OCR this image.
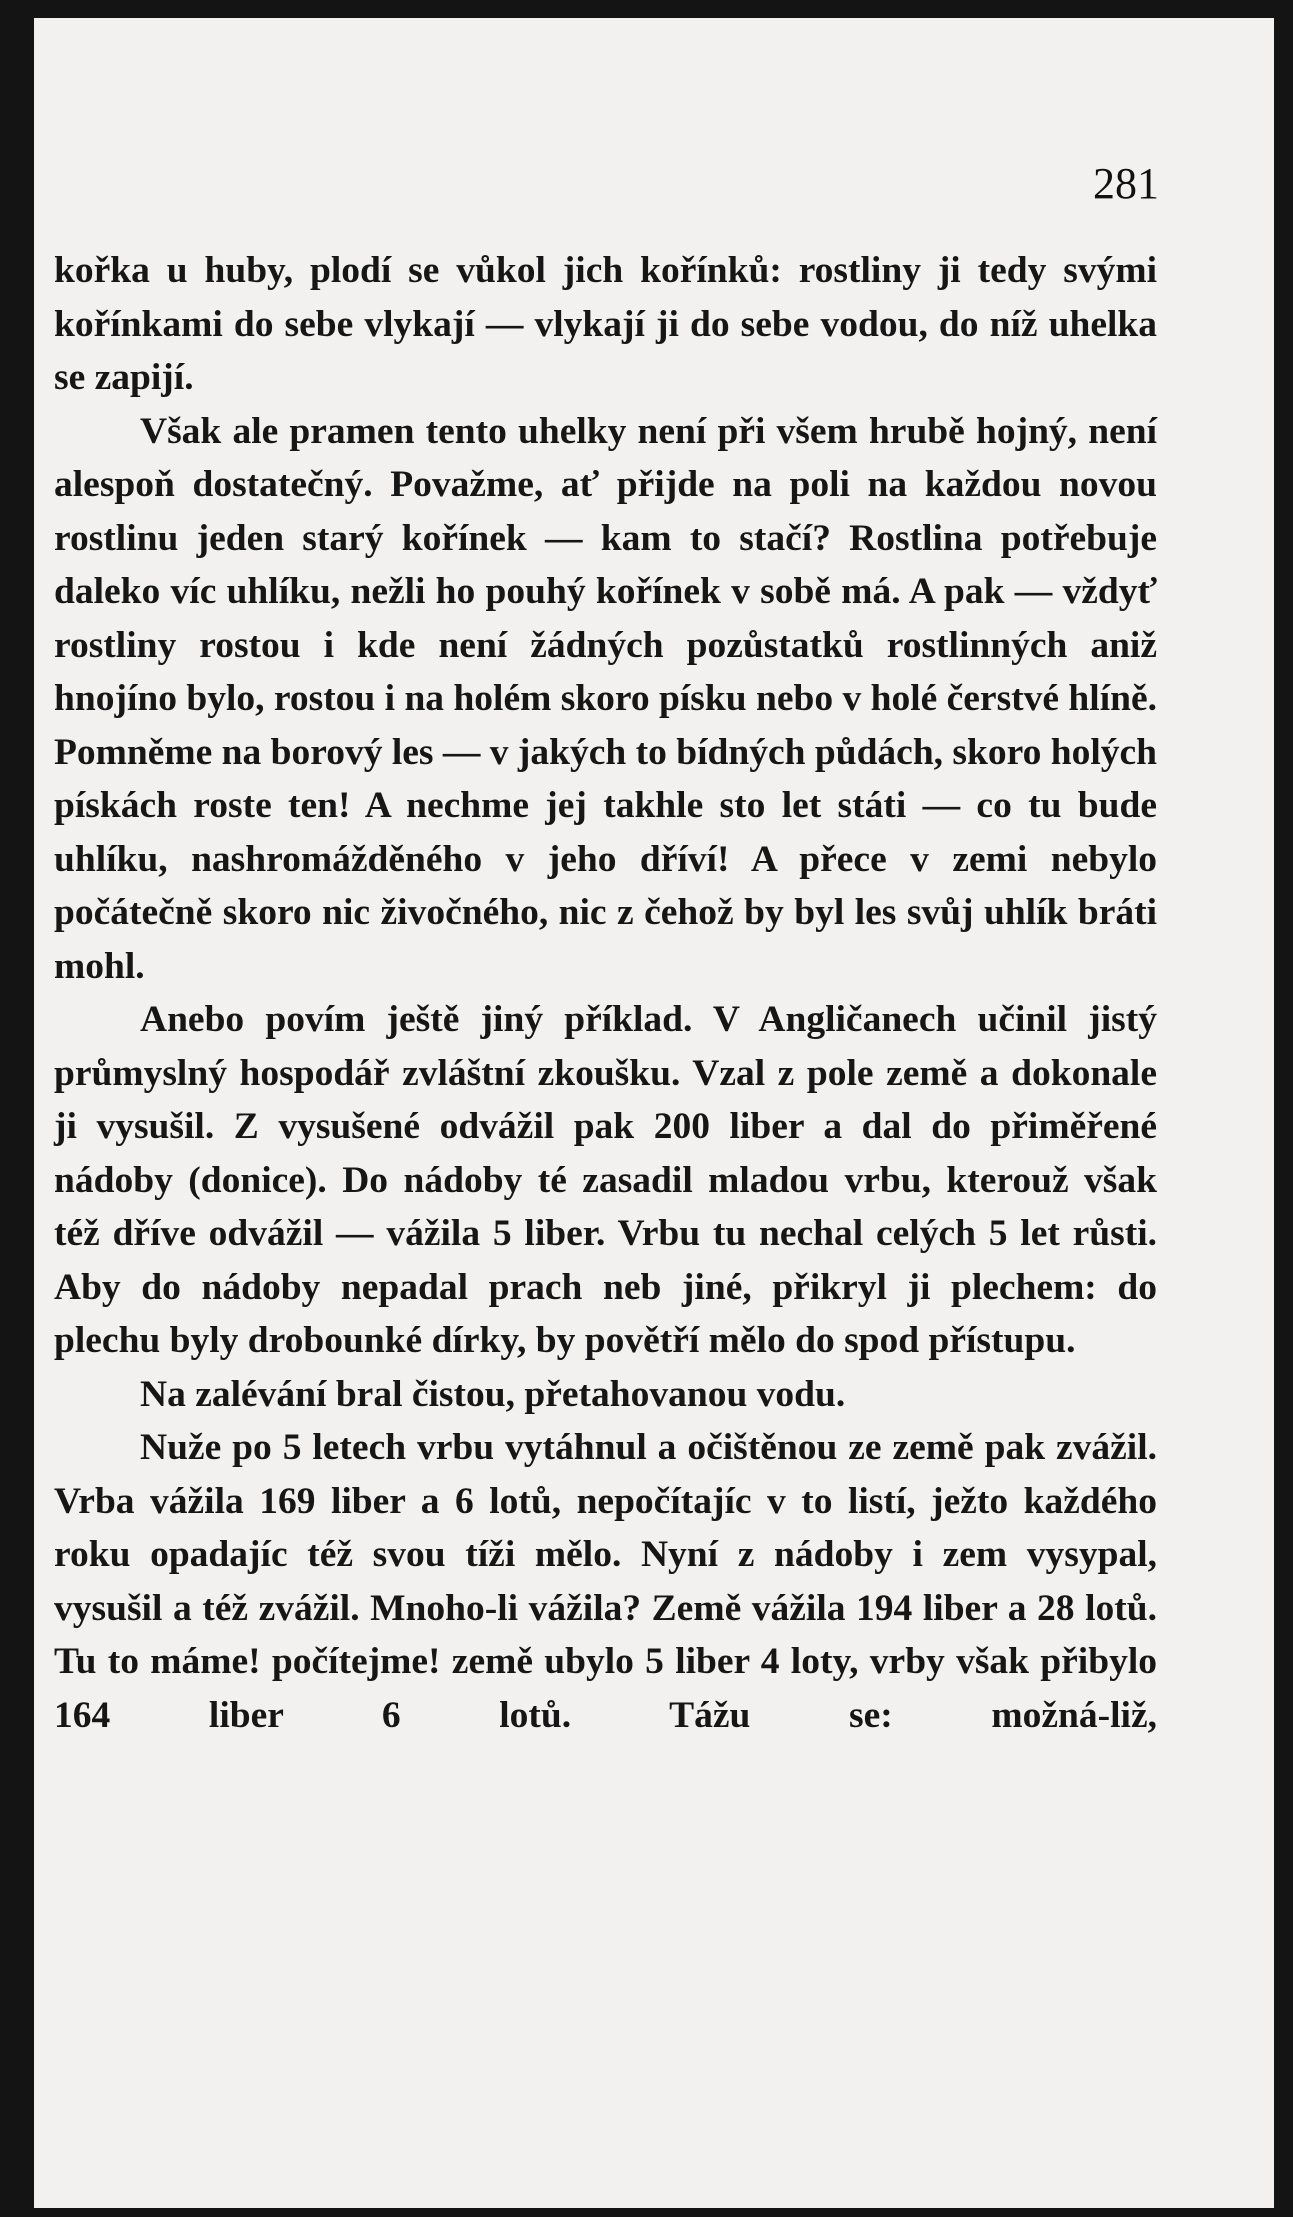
281

kořka u huby, plodí se vůkol jich kořínků: rostliny ji tedy svými kořínkami do sebe vlykají — vlykají ji do sebe vodou, do níž uhelka se zapijí.

Však ale pramen tento uhelky není při všem hrubě hojný, není alespoň dostatečný. Považme, ať přijde na poli na každou novou rostlinu jeden starý kořínek — kam to stačí? Rostlina potřebuje daleko víc uhlíku, nežli ho pouhý kořínek v sobě má. A pak — vždyť rostliny rostou i kde není žádných pozůstatků rostlinných aniž hnojíno bylo, rostou i na holém skoro písku nebo v holé čerstvé hlíně. Pomněme na borový les — v jakých to bídných půdách, skoro holých pískách roste ten! A nechme jej takhle sto let státi — co tu bude uhlíku, nashromážděného v jeho dříví! A přece v zemi nebylo počátečně skoro nic živočného, nic z čehož by byl les svůj uhlík bráti mohl.

Anebo povím ještě jiný příklad. V Angličanech učinil jistý průmyslný hospodář zvláštní zkoušku. Vzal z pole země a dokonale ji vysušil. Z vysušené odvážil pak 200 liber a dal do přiměřené nádoby (donice). Do nádoby té zasadil mladou vrbu, kterouž však též dříve odvážil — vážila 5 liber. Vrbu tu nechal celých 5 let růsti. Aby do nádoby nepadal prach neb jiné, přikryl ji plechem: do plechu byly drobounké dírky, by povětří mělo do spod přístupu.

Na zalévání bral čistou, přetahovanou vodu.

Nuže po 5 letech vrbu vytáhnul a očištěnou ze země pak zvážil. Vrba vážila 169 liber a 6 lotů, nepočítajíc v to listí, ježto každého roku opadajíc též svou tíži mělo. Nyní z nádoby i zem vysypal, vysušil a též zvážil. Mnoho-li vážila? Země vážila 194 liber a 28 lotů. Tu to máme! počítejme! země ubylo 5 liber 4 loty, vrby však přibylo 164 liber 6 lotů. Tážu se: možná-liž,
